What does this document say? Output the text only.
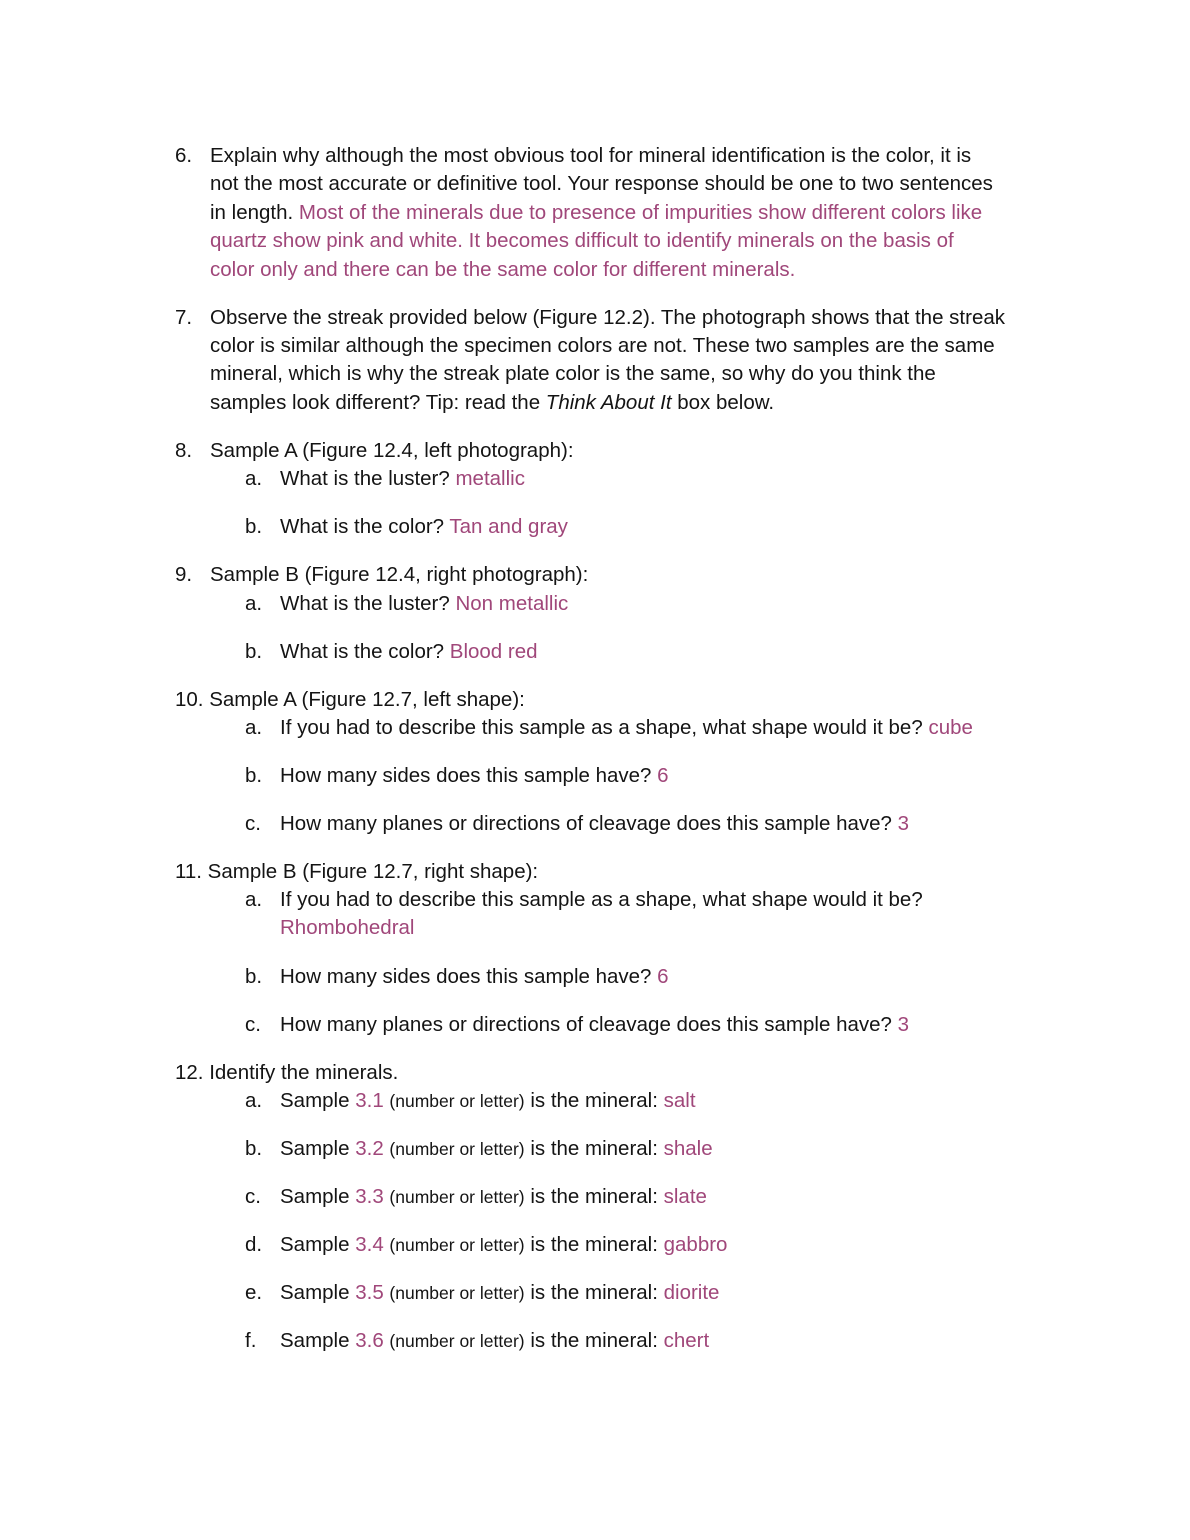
6. Explain why although the most obvious tool for mineral identification is the color, it is
not the most accurate or definitive tool. Your response should be one to two sentences
in length. Most of the minerals due to presence of impurities show different colors like
quartz show pink and white. It becomes difficult to identify minerals on the basis of
color only and there can be the same color for different minerals.
7. Observe the streak provided below (Figure 12.2). The photograph shows that the streak
color is similar although the specimen colors are not. These two samples are the same
mineral, which is why the streak plate color is the same, so why do you think the
samples look different? Tip: read the Think About It box below.
8. Sample A (Figure 12.4, left photograph):
a. What is the luster? metallic
b. What is the color? Tan and gray
9. Sample B (Figure 12.4, right photograph):
a. What is the luster? Non metallic
b. What is the color? Blood red
10. Sample A (Figure 12.7, left shape):
a. If you had to describe this sample as a shape, what shape would it be? cube
b. How many sides does this sample have? 6
c. How many planes or directions of cleavage does this sample have? 3
11. Sample B (Figure 12.7, right shape):
a. If you had to describe this sample as a shape, what shape would it be?
Rhombohedral
b. How many sides does this sample have? 6
c. How many planes or directions of cleavage does this sample have? 3
12. Identify the minerals.
a. Sample 3.1 (number or letter) is the mineral: salt
b. Sample 3.2 (number or letter) is the mineral: shale
c. Sample 3.3 (number or letter) is the mineral: slate
d. Sample 3.4 (number or letter) is the mineral: gabbro
e. Sample 3.5 (number or letter) is the mineral: diorite
f. Sample 3.6 (number or letter) is the mineral: chert
